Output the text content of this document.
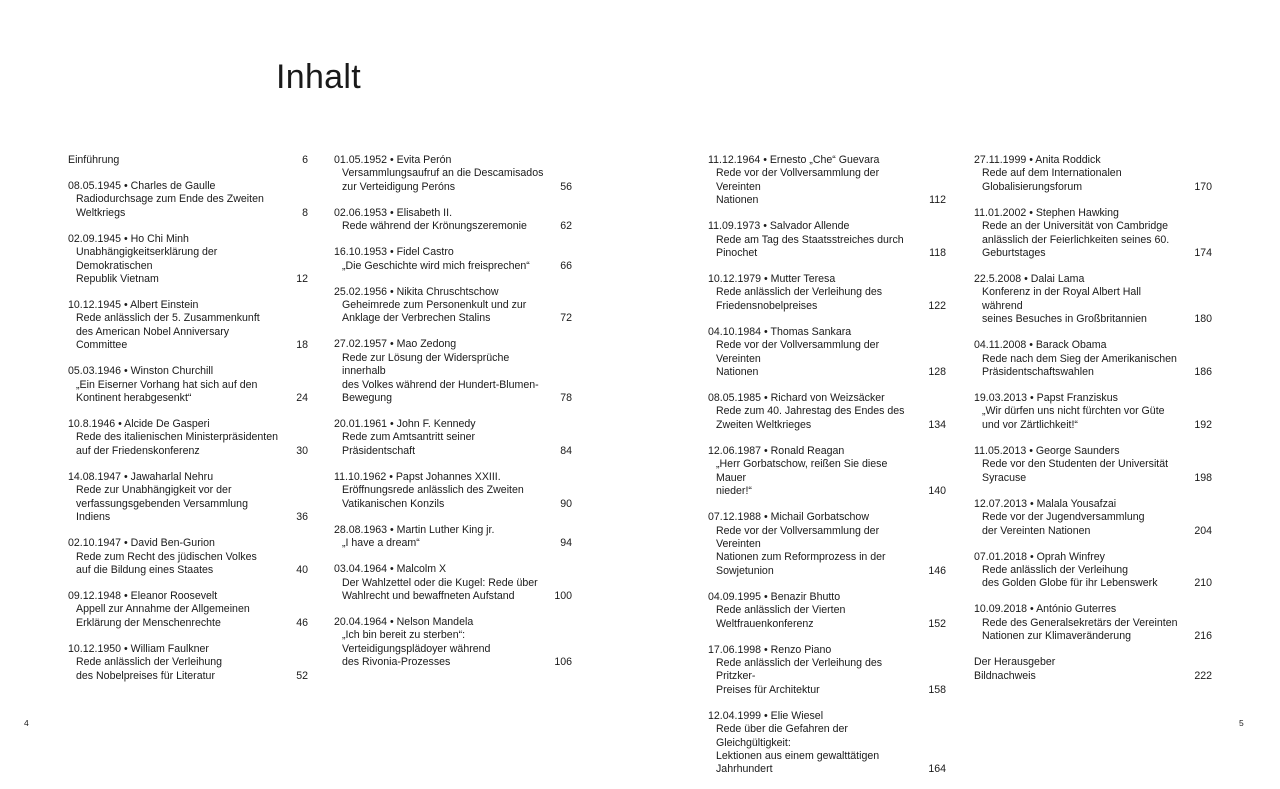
Inhalt
Einführung	6
08.05.1945 • Charles de Gaulle
Radiodurchsage zum Ende des Zweiten
Weltkriegs	8
02.09.1945 • Ho Chi Minh
Unabhängigkeitserklärung der Demokratischen
Republik Vietnam	12
10.12.1945 • Albert Einstein
Rede anlässlich der 5. Zusammenkunft
des American Nobel Anniversary Committee	18
05.03.1946 • Winston Churchill
„Ein Eiserner Vorhang hat sich auf den
Kontinent herabgesenkt“	24
10.8.1946 • Alcide De Gasperi
Rede des italienischen Ministerpräsidenten
auf der Friedenskonferenz	30
14.08.1947 • Jawaharlal Nehru
Rede zur Unabhängigkeit vor der
verfassungsgebenden Versammlung Indiens	36
02.10.1947 • David Ben-Gurion
Rede zum Recht des jüdischen Volkes
auf die Bildung eines Staates	40
09.12.1948 • Eleanor Roosevelt
Appell zur Annahme der Allgemeinen
Erklärung der Menschenrechte	46
10.12.1950 • William Faulkner
Rede anlässlich der Verleihung
des Nobelpreises für Literatur	52
01.05.1952 • Evita Perón
Versammlungsaufruf an die Descamisados
zur Verteidigung Peróns	56
02.06.1953 • Elisabeth II.
Rede während der Krönungszeremonie	62
16.10.1953 • Fidel Castro
„Die Geschichte wird mich freisprechen“	66
25.02.1956 • Nikita Chruschtschow
Geheimrede zum Personenkult und zur
Anklage der Verbrechen Stalins	72
27.02.1957 • Mao Zedong
Rede zur Lösung der Widersprüche innerhalb
des Volkes während der Hundert-Blumen-
Bewegung	78
20.01.1961 • John F. Kennedy
Rede zum Amtsantritt seiner
Präsidentschaft	84
11.10.1962 • Papst Johannes XXIII.
Eröffnungsrede anlässlich des Zweiten
Vatikanischen Konzils	90
28.08.1963 • Martin Luther King jr.
„I have a dream“	94
03.04.1964 • Malcolm X
Der Wahlzettel oder die Kugel: Rede über
Wahlrecht und bewaffneten Aufstand	100
20.04.1964 • Nelson Mandela
„Ich bin bereit zu sterben“:
Verteidigungsplädoyer während
des Rivonia-Prozesses	106
11.12.1964 • Ernesto „Che“ Guevara
Rede vor der Vollversammlung der Vereinten
Nationen	112
11.09.1973 • Salvador Allende
Rede am Tag des Staatsstreiches durch Pinochet	118
10.12.1979 • Mutter Teresa
Rede anlässlich der Verleihung des
Friedensnobelpreises	122
04.10.1984 • Thomas Sankara
Rede vor der Vollversammlung der Vereinten
Nationen	128
08.05.1985 • Richard von Weizsäcker
Rede zum 40. Jahrestag des Endes des
Zweiten Weltkrieges	134
12.06.1987 • Ronald Reagan
„Herr Gorbatschow, reißen Sie diese Mauer
nieder!“	140
07.12.1988 • Michail Gorbatschow
Rede vor der Vollversammlung der Vereinten
Nationen zum Reformprozess in der Sowjetunion	146
04.09.1995 • Benazir Bhutto
Rede anlässlich der Vierten Weltfrauenkonferenz	152
17.06.1998 • Renzo Piano
Rede anlässlich der Verleihung des Pritzker-
Preises für Architektur	158
12.04.1999 • Elie Wiesel
Rede über die Gefahren der Gleichgültigkeit:
Lektionen aus einem gewalttätigen
Jahrhundert	164
27.11.1999 • Anita Roddick
Rede auf dem Internationalen
Globalisierungsforum	170
11.01.2002 • Stephen Hawking
Rede an der Universität von Cambridge
anlässlich der Feierlichkeiten seines 60.
Geburtstages	174
22.5.2008 • Dalai Lama
Konferenz in der Royal Albert Hall während
seines Besuches in Großbritannien	180
04.11.2008 • Barack Obama
Rede nach dem Sieg der Amerikanischen
Präsidentschaftswahlen	186
19.03.2013 • Papst Franziskus
„Wir dürfen uns nicht fürchten vor Güte
und vor Zärtlichkeit!“	192
11.05.2013 • George Saunders
Rede vor den Studenten der Universität
Syracuse	198
12.07.2013 • Malala Yousafzai
Rede vor der Jugendversammlung
der Vereinten Nationen	204
07.01.2018 • Oprah Winfrey
Rede anlässlich der Verleihung
des Golden Globe für ihr Lebenswerk	210
10.09.2018 • António Guterres
Rede des Generalsekretärs der Vereinten
Nationen zur Klimaveränderung	216
Der Herausgeber
Bildnachweis	222
4	5
